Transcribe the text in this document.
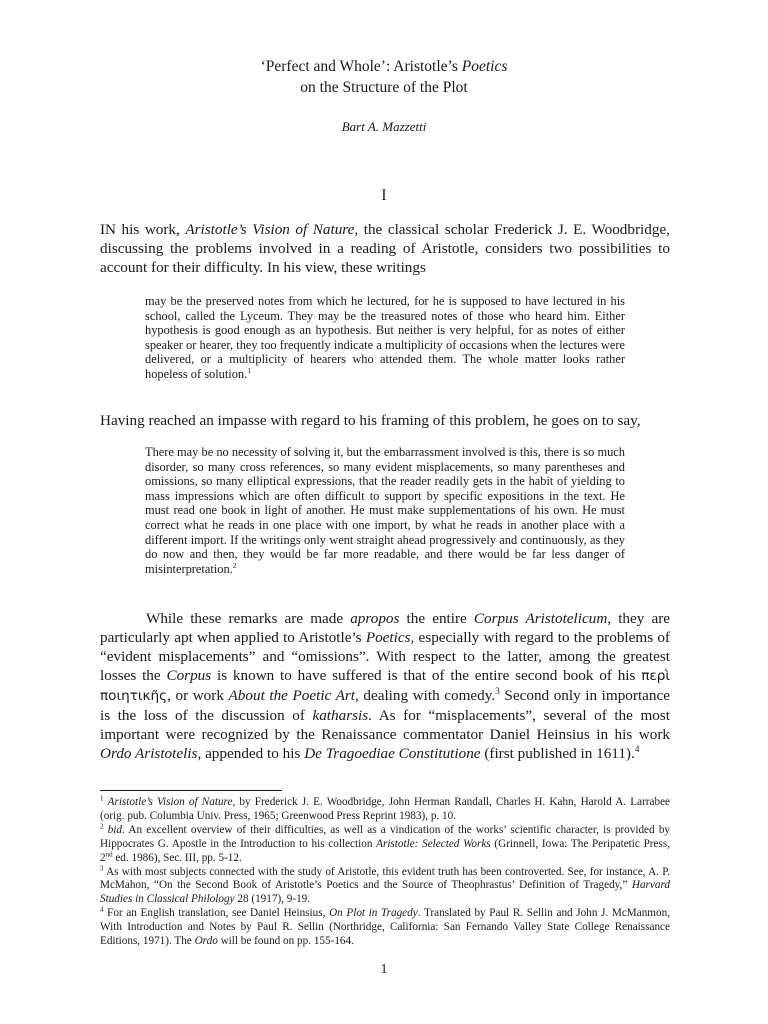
‘Perfect and Whole’: Aristotle’s Poetics
on the Structure of the Plot
Bart A. Mazzetti
I

IN his work, Aristotle’s Vision of Nature, the classical scholar Frederick J. E. Woodbridge, discussing the problems involved in a reading of Aristotle, considers two possibilities to account for their difficulty. In his view, these writings

may be the preserved notes from which he lectured, for he is supposed to have lectured in his school, called the Lyceum. They may be the treasured notes of those who heard him. Either hypothesis is good enough as an hypothesis. But neither is very helpful, for as notes of either speaker or hearer, they too frequently indicate a multiplicity of occasions when the lectures were delivered, or a multiplicity of hearers who attended them. The whole matter looks rather hopeless of solution.$^1$

Having reached an impasse with regard to his framing of this problem, he goes on to say,

There may be no necessity of solving it, but the embarrassment involved is this, there is so much disorder, so many cross references, so many evident misplacements, so many parentheses and omissions, so many elliptical expressions, that the reader readily gets in the habit of yielding to mass impressions which are often difficult to support by specific expositions in the text. He must read one book in light of another. He must make supplementations of his own. He must correct what he reads in one place with one import, by what he reads in another place with a different import. If the writings only went straight ahead progressively and continuously, as they do now and then, they would be far more readable, and there would be far less danger of misinterpretation.$^2$

While these remarks are made apropos the entire Corpus Aristotelicum, they are particularly apt when applied to Aristotle’s Poetics, especially with regard to the problems of “evident misplacements” and “omissions”. With respect to the latter, among the greatest losses the Corpus is known to have suffered is that of the entire second book of his περὶ ποιητικῆς, or work About the Poetic Art, dealing with comedy.$^3$ Second only in importance is the loss of the discussion of katharsis. As for “misplacements”, several of the most important were recognized by the Renaissance commentator Daniel Heinsius in his work Ordo Aristotelis, appended to his De Tragoediae Constitutione (first published in 1611).$^4$

$^1$ Aristotle’s Vision of Nature, by Frederick J. E. Woodbridge, John Herman Randall, Charles H. Kahn, Harold A. Larrabee (orig. pub. Columbia Univ. Press, 1965; Greenwood Press Reprint 1983), p. 10.

$^2$ bid. An excellent overview of their difficulties, as well as a vindication of the works’ scientific character, is provided by Hippocrates G. Apostle in the Introduction to his collection Aristotle: Selected Works (Grinnell, Iowa: The Peripatetic Press, 2nd ed. 1986), Sec. III, pp. 5-12.

$^3$ As with most subjects connected with the study of Aristotle, this evident truth has been controverted. See, for instance, A. P. McMahon, “On the Second Book of Aristotle’s Poetics and the Source of Theophrastus’ Definition of Tragedy,” Harvard Studies in Classical Philology 28 (1917), 9-19.

$^4$ For an English translation, see Daniel Heinsius, On Plot in Tragedy. Translated by Paul R. Sellin and John J. McManmon, With Introduction and Notes by Paul R. Sellin (Northridge, California: San Fernando Valley State College Renaissance Editions, 1971). The Ordo will be found on pp. 155-164.

1
